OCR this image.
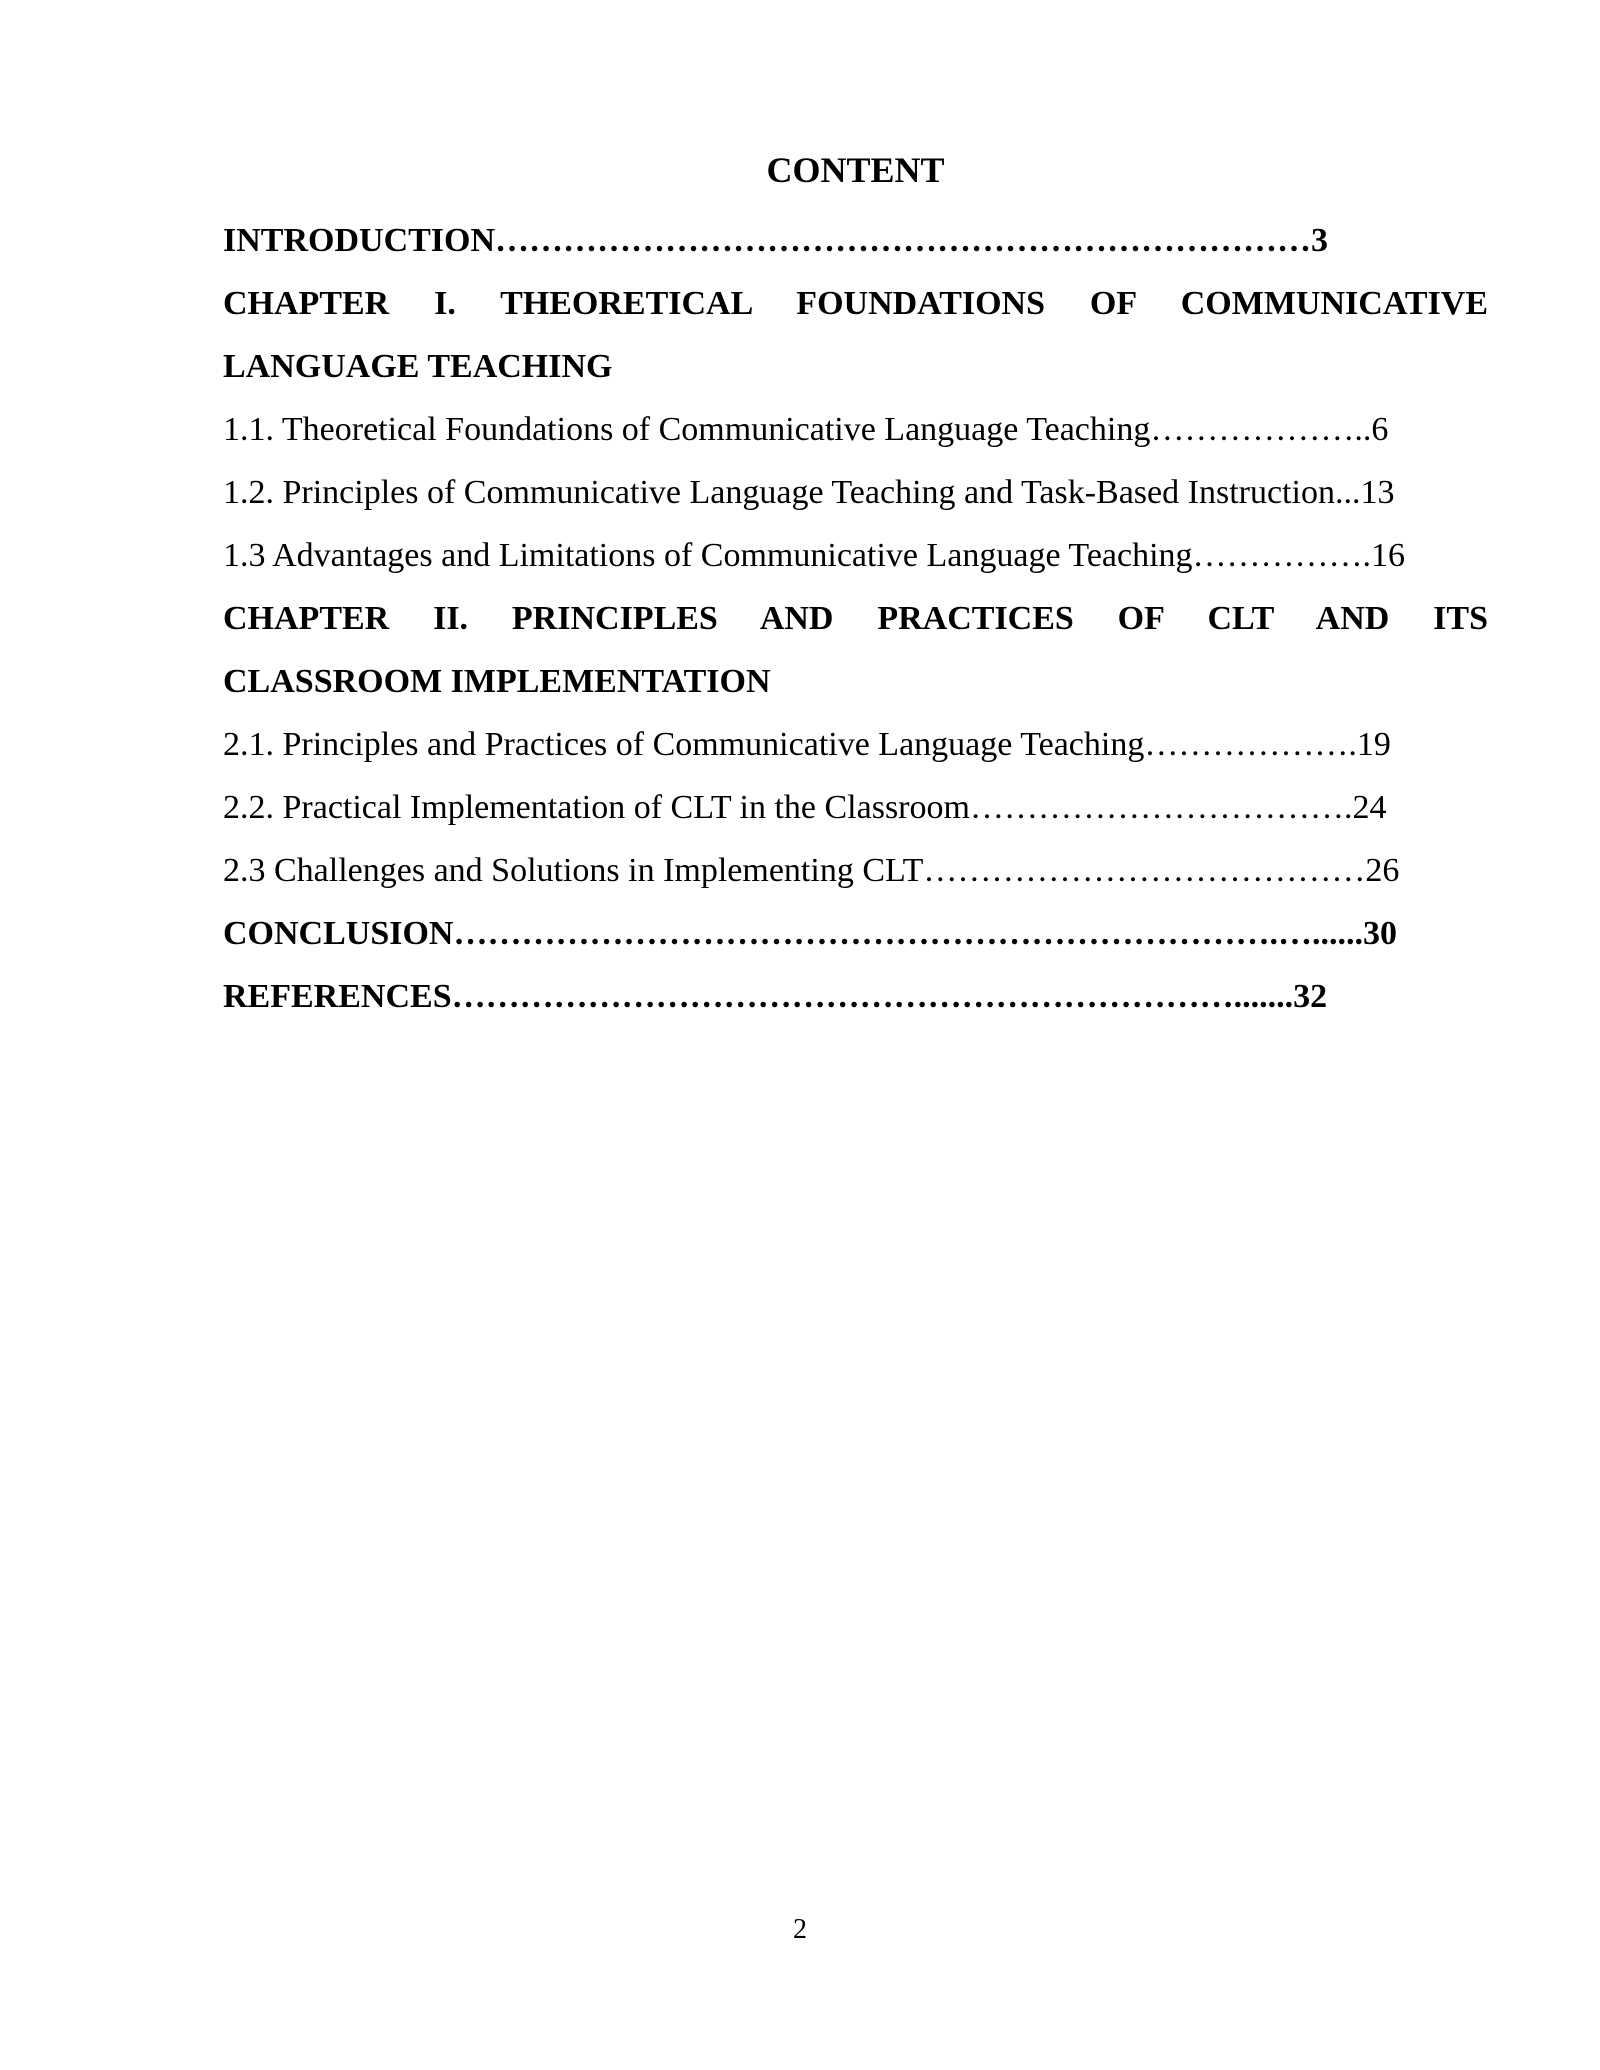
CONTENT
INTRODUCTION………………………………………………………………3
CHAPTER I. THEORETICAL FOUNDATIONS OF COMMUNICATIVE
LANGUAGE TEACHING
1.1. Theoretical Foundations of Communicative Language Teaching………………..6
1.2. Principles of Communicative Language Teaching and Task-Based Instruction...13
1.3 Advantages and Limitations of Communicative Language Teaching…………….16
CHAPTER II. PRINCIPLES AND PRACTICES OF CLT AND ITS
CLASSROOM IMPLEMENTATION
2.1. Principles and Practices of Communicative Language Teaching……………….19
2.2. Practical Implementation of CLT in the Classroom…………………………….24
2.3 Challenges and Solutions in Implementing CLT…………………………………26
CONCLUSION……………………………………………………………….…......30
REFERENCES…………………………………………………………….......32
2
